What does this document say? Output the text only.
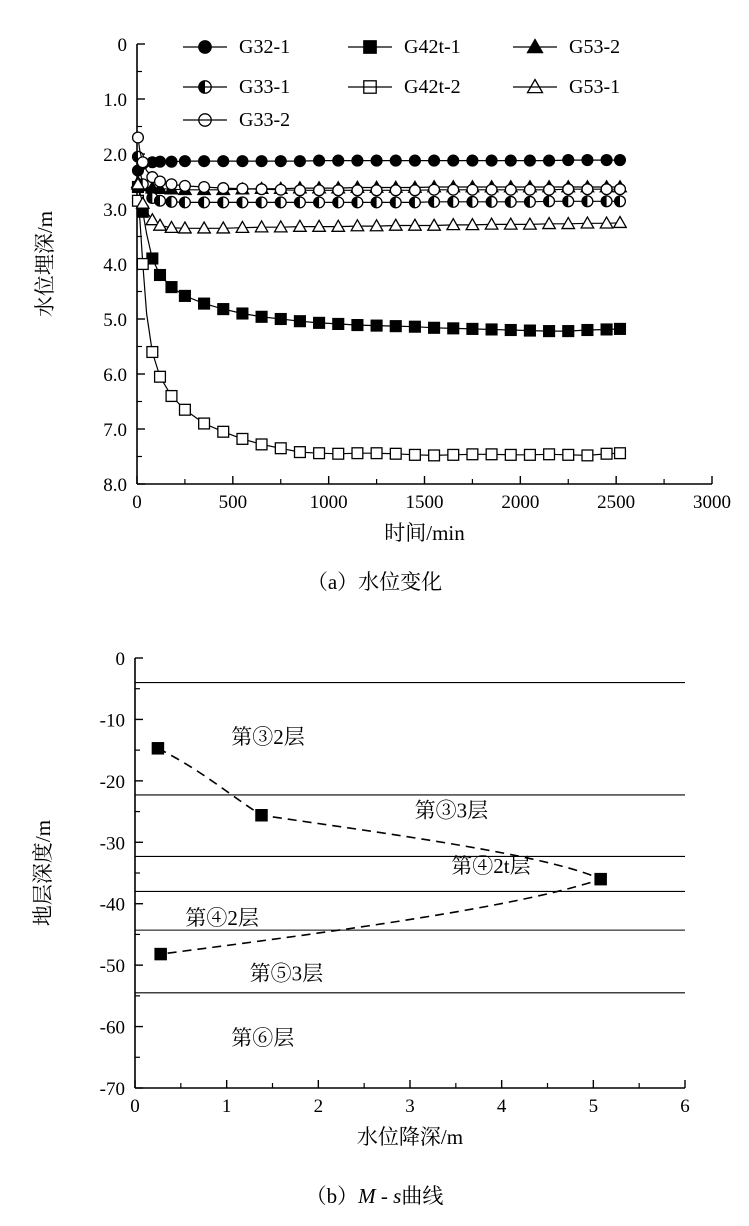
0	500	1000	1500	2000	2500	3000
0
1.0
2.0
3.0
4.0
5.0
6.0
7.0
8.0
时间/min
水位埋深/m
G32-1	G42t-1	G53-2
G33-1	G42t-2	G53-1
G33-2
（a）水位变化
0	1	2	3	4	5	6
0
-10
-20
-30
-40
-50
-60
-70
水位降深/m
地层深度/m
第③2层
第③3层
第④2t层
第④2层
第⑤3层
第⑥层
（b）M - s曲线
